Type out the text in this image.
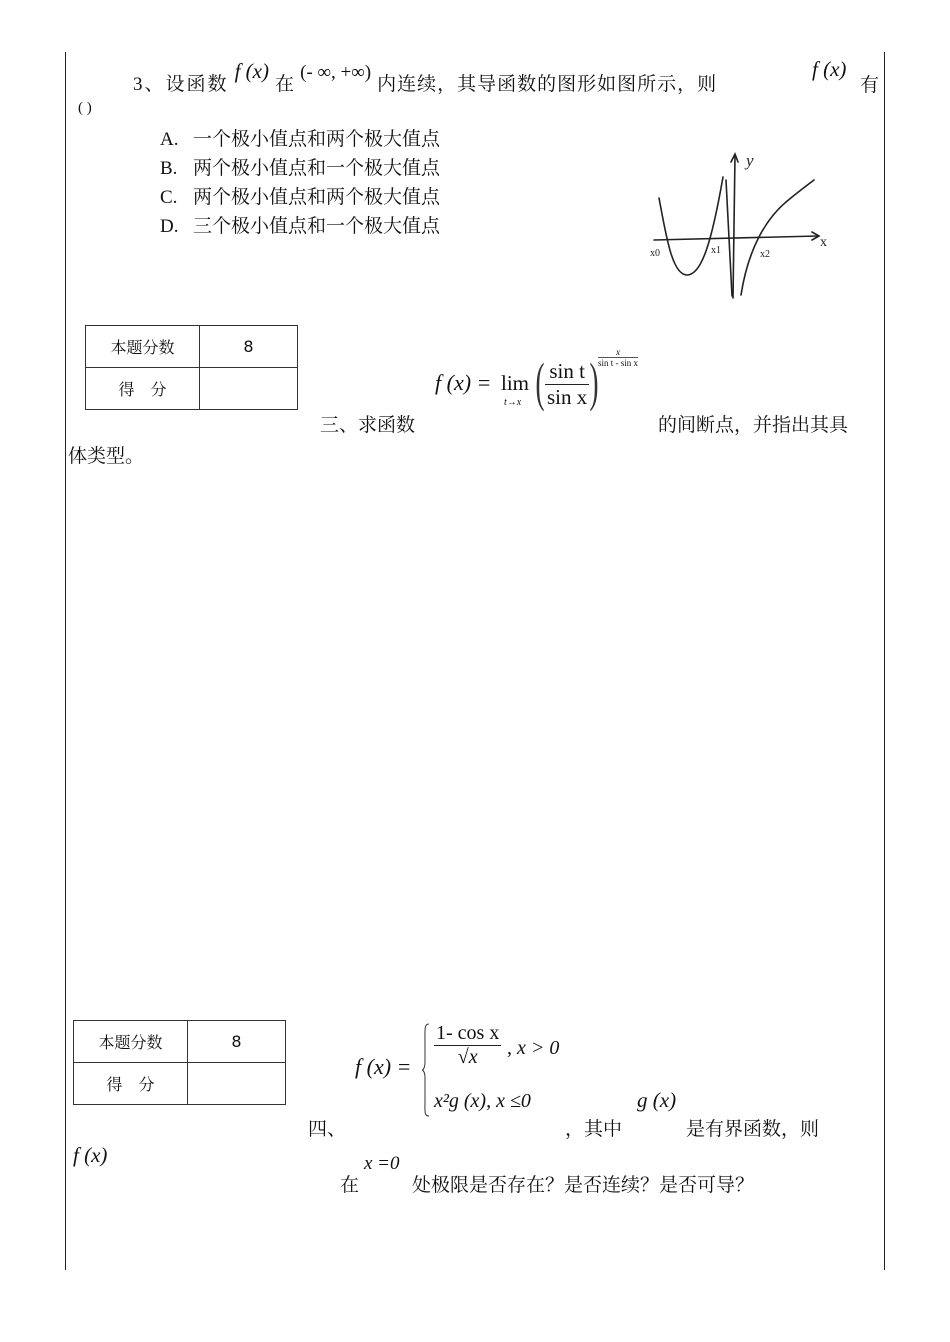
3、设函数 f (x) 在 (- ∞, +∞) 内连续，其导函数的图形如图所示，则
f (x)
有
( )
A. 一个极小值点和两个极大值点
B. 两个极小值点和一个极大值点
C. 两个极小值点和两个极大值点
D. 三个极小值点和一个极大值点
y
x
x0	x1	x2
本题分数	8
得　分		f (x) = lim
t→x ( $\frac{\text{sin t}}{\text{sin x}}$ ) $\frac{x}{\text{sin t - sin x}}$
三、求函数	的间断点，并指出其具
体类型。
本题分数	8
得　分	
f $(x) = \frac{\text{1- cos x}}{√x}$ , x > 0
x²g (x), x ≤0
四、	，其中
g (x)
是有界函数，则
f (x)
在
x =0
处极限是否存在？是否连续？是否可导？
